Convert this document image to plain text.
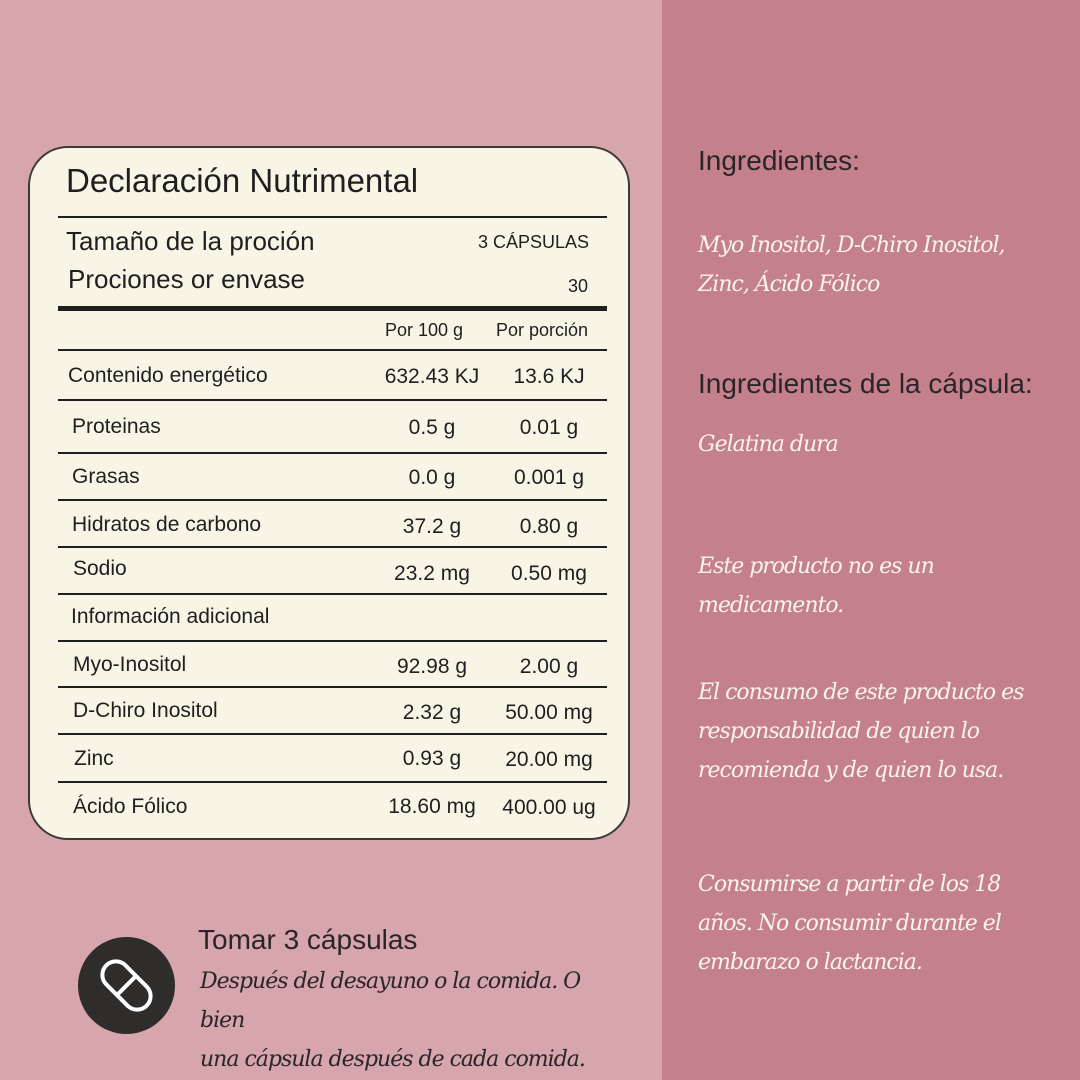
Declaración Nutrimental
Tamaño de la proción	3 CÁPSULAS
Prociones or envase	30
Por 100 g Por porción
Contenido energético	632.43 KJ	13.6 KJ
Proteinas	0.5 g	0.01 g
Grasas	0.0 g	0.001 g
Hidratos de carbono	37.2 g	0.80 g
Sodio	23.2 mg	0.50 mg
Información adicional
Myo-Inositol	92.98 g	2.00 g
D-Chiro Inositol	2.32 g	50.00 mg
Zinc	0.93 g	20.00 mg
Ácido Fólico	18.60 mg	400.00 ug
Ingredientes:
Myo Inositol, D-Chiro Inositol,
Zinc, Ácido Fólico
Ingredientes de la cápsula:
Gelatina dura
Este producto no es un
medicamento.
El consumo de este producto es
responsabilidad de quien lo
recomienda y de quien lo usa.
Consumirse a partir de los 18
años. No consumir durante el
embarazo o lactancia.
Tomar 3 cápsulas
Después del desayuno o la comida. O bien
una cápsula después de cada comida.
